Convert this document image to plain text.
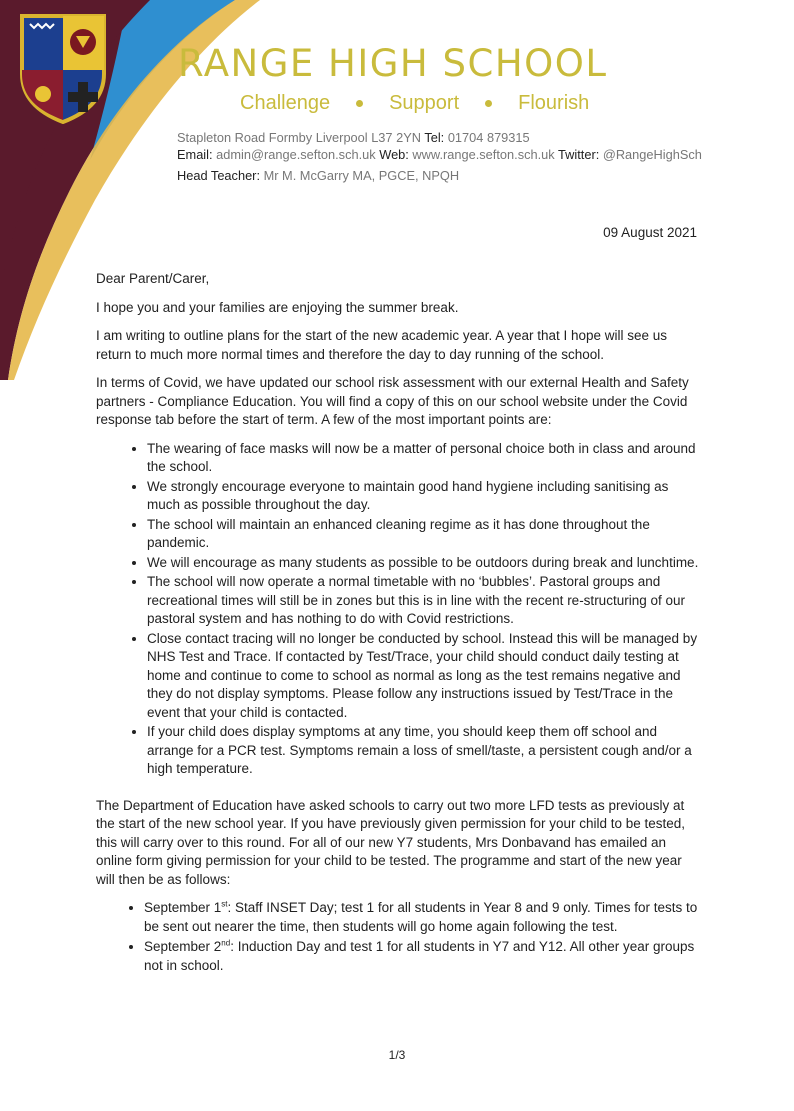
RANGE HIGH SCHOOL
Challenge	Support	Flourish
Stapleton Road Formby Liverpool L37 2YN Tel: 01704 879315
Email: admin@range.sefton.sch.uk Web: www.range.sefton.sch.uk Twitter: @RangeHighSch
Head Teacher: Mr M. McGarry MA, PGCE, NPQH
09 August 2021

Dear Parent/Carer,

I hope you and your families are enjoying the summer break.

I am writing to outline plans for the start of the new academic year. A year that I hope will see us return to much more normal times and therefore the day to day running of the school.

In terms of Covid, we have updated our school risk assessment with our external Health and Safety partners - Compliance Education. You will find a copy of this on our school website under the Covid response tab before the start of term. A few of the most important points are:

• The wearing of face masks will now be a matter of personal choice both in class and around the school.
• We strongly encourage everyone to maintain good hand hygiene including sanitising as much as possible throughout the day.
• The school will maintain an enhanced cleaning regime as it has done throughout the pandemic.
• We will encourage as many students as possible to be outdoors during break and lunchtime.
• The school will now operate a normal timetable with no ‘bubbles’. Pastoral groups and recreational times will still be in zones but this is in line with the recent re-structuring of our pastoral system and has nothing to do with Covid restrictions.
• Close contact tracing will no longer be conducted by school. Instead this will be managed by NHS Test and Trace. If contacted by Test/Trace, your child should conduct daily testing at home and continue to come to school as normal as long as the test remains negative and they do not display symptoms. Please follow any instructions issued by Test/Trace in the event that your child is contacted.
• If your child does display symptoms at any time, you should keep them off school and arrange for a PCR test. Symptoms remain a loss of smell/taste, a persistent cough and/or a high temperature.

The Department of Education have asked schools to carry out two more LFD tests as previously at the start of the new school year. If you have previously given permission for your child to be tested, this will carry over to this round. For all of our new Y7 students, Mrs Donbavand has emailed an online form giving permission for your child to be tested. The programme and start of the new year will then be as follows:

• September 1st: Staff INSET Day; test 1 for all students in Year 8 and 9 only. Times for tests to be sent out nearer the time, then students will go home again following the test.
• September 2nd: Induction Day and test 1 for all students in Y7 and Y12. All other year groups not in school.
1/3
